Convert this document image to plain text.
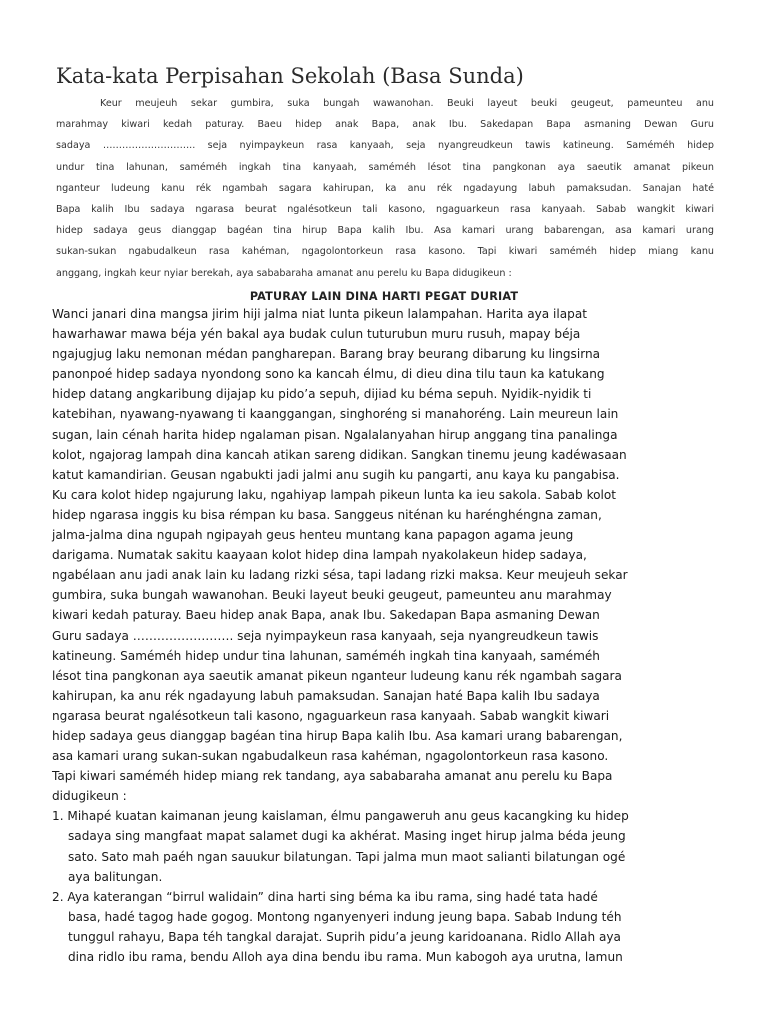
Kata-kata Perpisahan Sekolah (Basa Sunda)

Keur meujeuh sekar gumbira, suka bungah wawanohan. Beuki layeut beuki geugeut, pameunteu anu
marahmay kiwari kedah paturay. Baeu hidep anak Bapa, anak Ibu. Sakedapan Bapa asmaning Dewan Guru
sadaya ……………………….. seja nyimpaykeun rasa kanyaah, seja nyangreudkeun tawis katineung. Saméméh hidep
undur tina lahunan, saméméh ingkah tina kanyaah, saméméh lésot tina pangkonan aya saeutik amanat pikeun
nganteur ludeung kanu rék ngambah sagara kahirupan, ka anu rék ngadayung labuh pamaksudan. Sanajan haté
Bapa kalih Ibu sadaya ngarasa beurat ngalésotkeun tali kasono, ngaguarkeun rasa kanyaah. Sabab wangkit kiwari
hidep sadaya geus dianggap bagéan tina hirup Bapa kalih Ibu. Asa kamari urang babarengan, asa kamari urang
sukan-sukan ngabudalkeun rasa kahéman, ngagolontorkeun rasa kasono. Tapi kiwari saméméh hidep miang kanu
anggang, ingkah keur nyiar berekah, aya sababaraha amanat anu perelu ku Bapa didugikeun :

PATURAY LAIN DINA HARTI PEGAT DURIAT
Wanci janari dina mangsa jirim hiji jalma niat lunta pikeun lalampahan. Harita aya ilapat
hawarhawar mawa béja yén bakal aya budak culun tuturubun muru rusuh, mapay béja
ngajugjug laku nemonan médan pangharepan. Barang bray beurang dibarung ku lingsirna
panonpoé hidep sadaya nyondong sono ka kancah élmu, di dieu dina tilu taun ka katukang
hidep datang angkaribung dijajap ku pido’a sepuh, dijiad ku béma sepuh. Nyidik-nyidik ti
katebihan, nyawang-nyawang ti kaanggangan, singhoréng si manahoréng. Lain meureun lain
sugan, lain cénah harita hidep ngalaman pisan. Ngalalanyahan hirup anggang tina panalinga
kolot, ngajorag lampah dina kancah atikan sareng didikan. Sangkan tinemu jeung kadéwasaan
katut kamandirian. Geusan ngabukti jadi jalmi anu sugih ku pangarti, anu kaya ku pangabisa.
Ku cara kolot hidep ngajurung laku, ngahiyap lampah pikeun lunta ka ieu sakola. Sabab kolot
hidep ngarasa inggis ku bisa rémpan ku basa. Sanggeus niténan ku harénghéngna zaman,
jalma-jalma dina ngupah ngipayah geus henteu muntang kana papagon agama jeung
darigama. Numatak sakitu kaayaan kolot hidep dina lampah nyakolakeun hidep sadaya,
ngabélaan anu jadi anak lain ku ladang rizki sésa, tapi ladang rizki maksa. Keur meujeuh sekar
gumbira, suka bungah wawanohan. Beuki layeut beuki geugeut, pameunteu anu marahmay
kiwari kedah paturay. Baeu hidep anak Bapa, anak Ibu. Sakedapan Bapa asmaning Dewan
Guru sadaya ……………………. seja nyimpaykeun rasa kanyaah, seja nyangreudkeun tawis
katineung. Saméméh hidep undur tina lahunan, saméméh ingkah tina kanyaah, saméméh
lésot tina pangkonan aya saeutik amanat pikeun nganteur ludeung kanu rék ngambah sagara
kahirupan, ka anu rék ngadayung labuh pamaksudan. Sanajan haté Bapa kalih Ibu sadaya
ngarasa beurat ngalésotkeun tali kasono, ngaguarkeun rasa kanyaah. Sabab wangkit kiwari
hidep sadaya geus dianggap bagéan tina hirup Bapa kalih Ibu. Asa kamari urang babarengan,
asa kamari urang sukan-sukan ngabudalkeun rasa kahéman, ngagolontorkeun rasa kasono.
Tapi kiwari saméméh hidep miang rek tandang, aya sababaraha amanat anu perelu ku Bapa
didugikeun :
1. Mihapé kuatan kaimanan jeung kaislaman, élmu pangaweruh anu geus kacangking ku hidep
sadaya sing mangfaat mapat salamet dugi ka akhérat. Masing inget hirup jalma béda jeung
sato. Sato mah paéh ngan sauukur bilatungan. Tapi jalma mun maot salianti bilatungan ogé
aya balitungan.
2. Aya katerangan “birrul walidain” dina harti sing béma ka ibu rama, sing hadé tata hadé
basa, hadé tagog hade gogog. Montong nganyenyeri indung jeung bapa. Sabab Indung téh
tunggul rahayu, Bapa téh tangkal darajat. Suprih pidu’a jeung karidoanana. Ridlo Allah aya
dina ridlo ibu rama, bendu Alloh aya dina bendu ibu rama. Mun kabogoh aya urutna, lamun
